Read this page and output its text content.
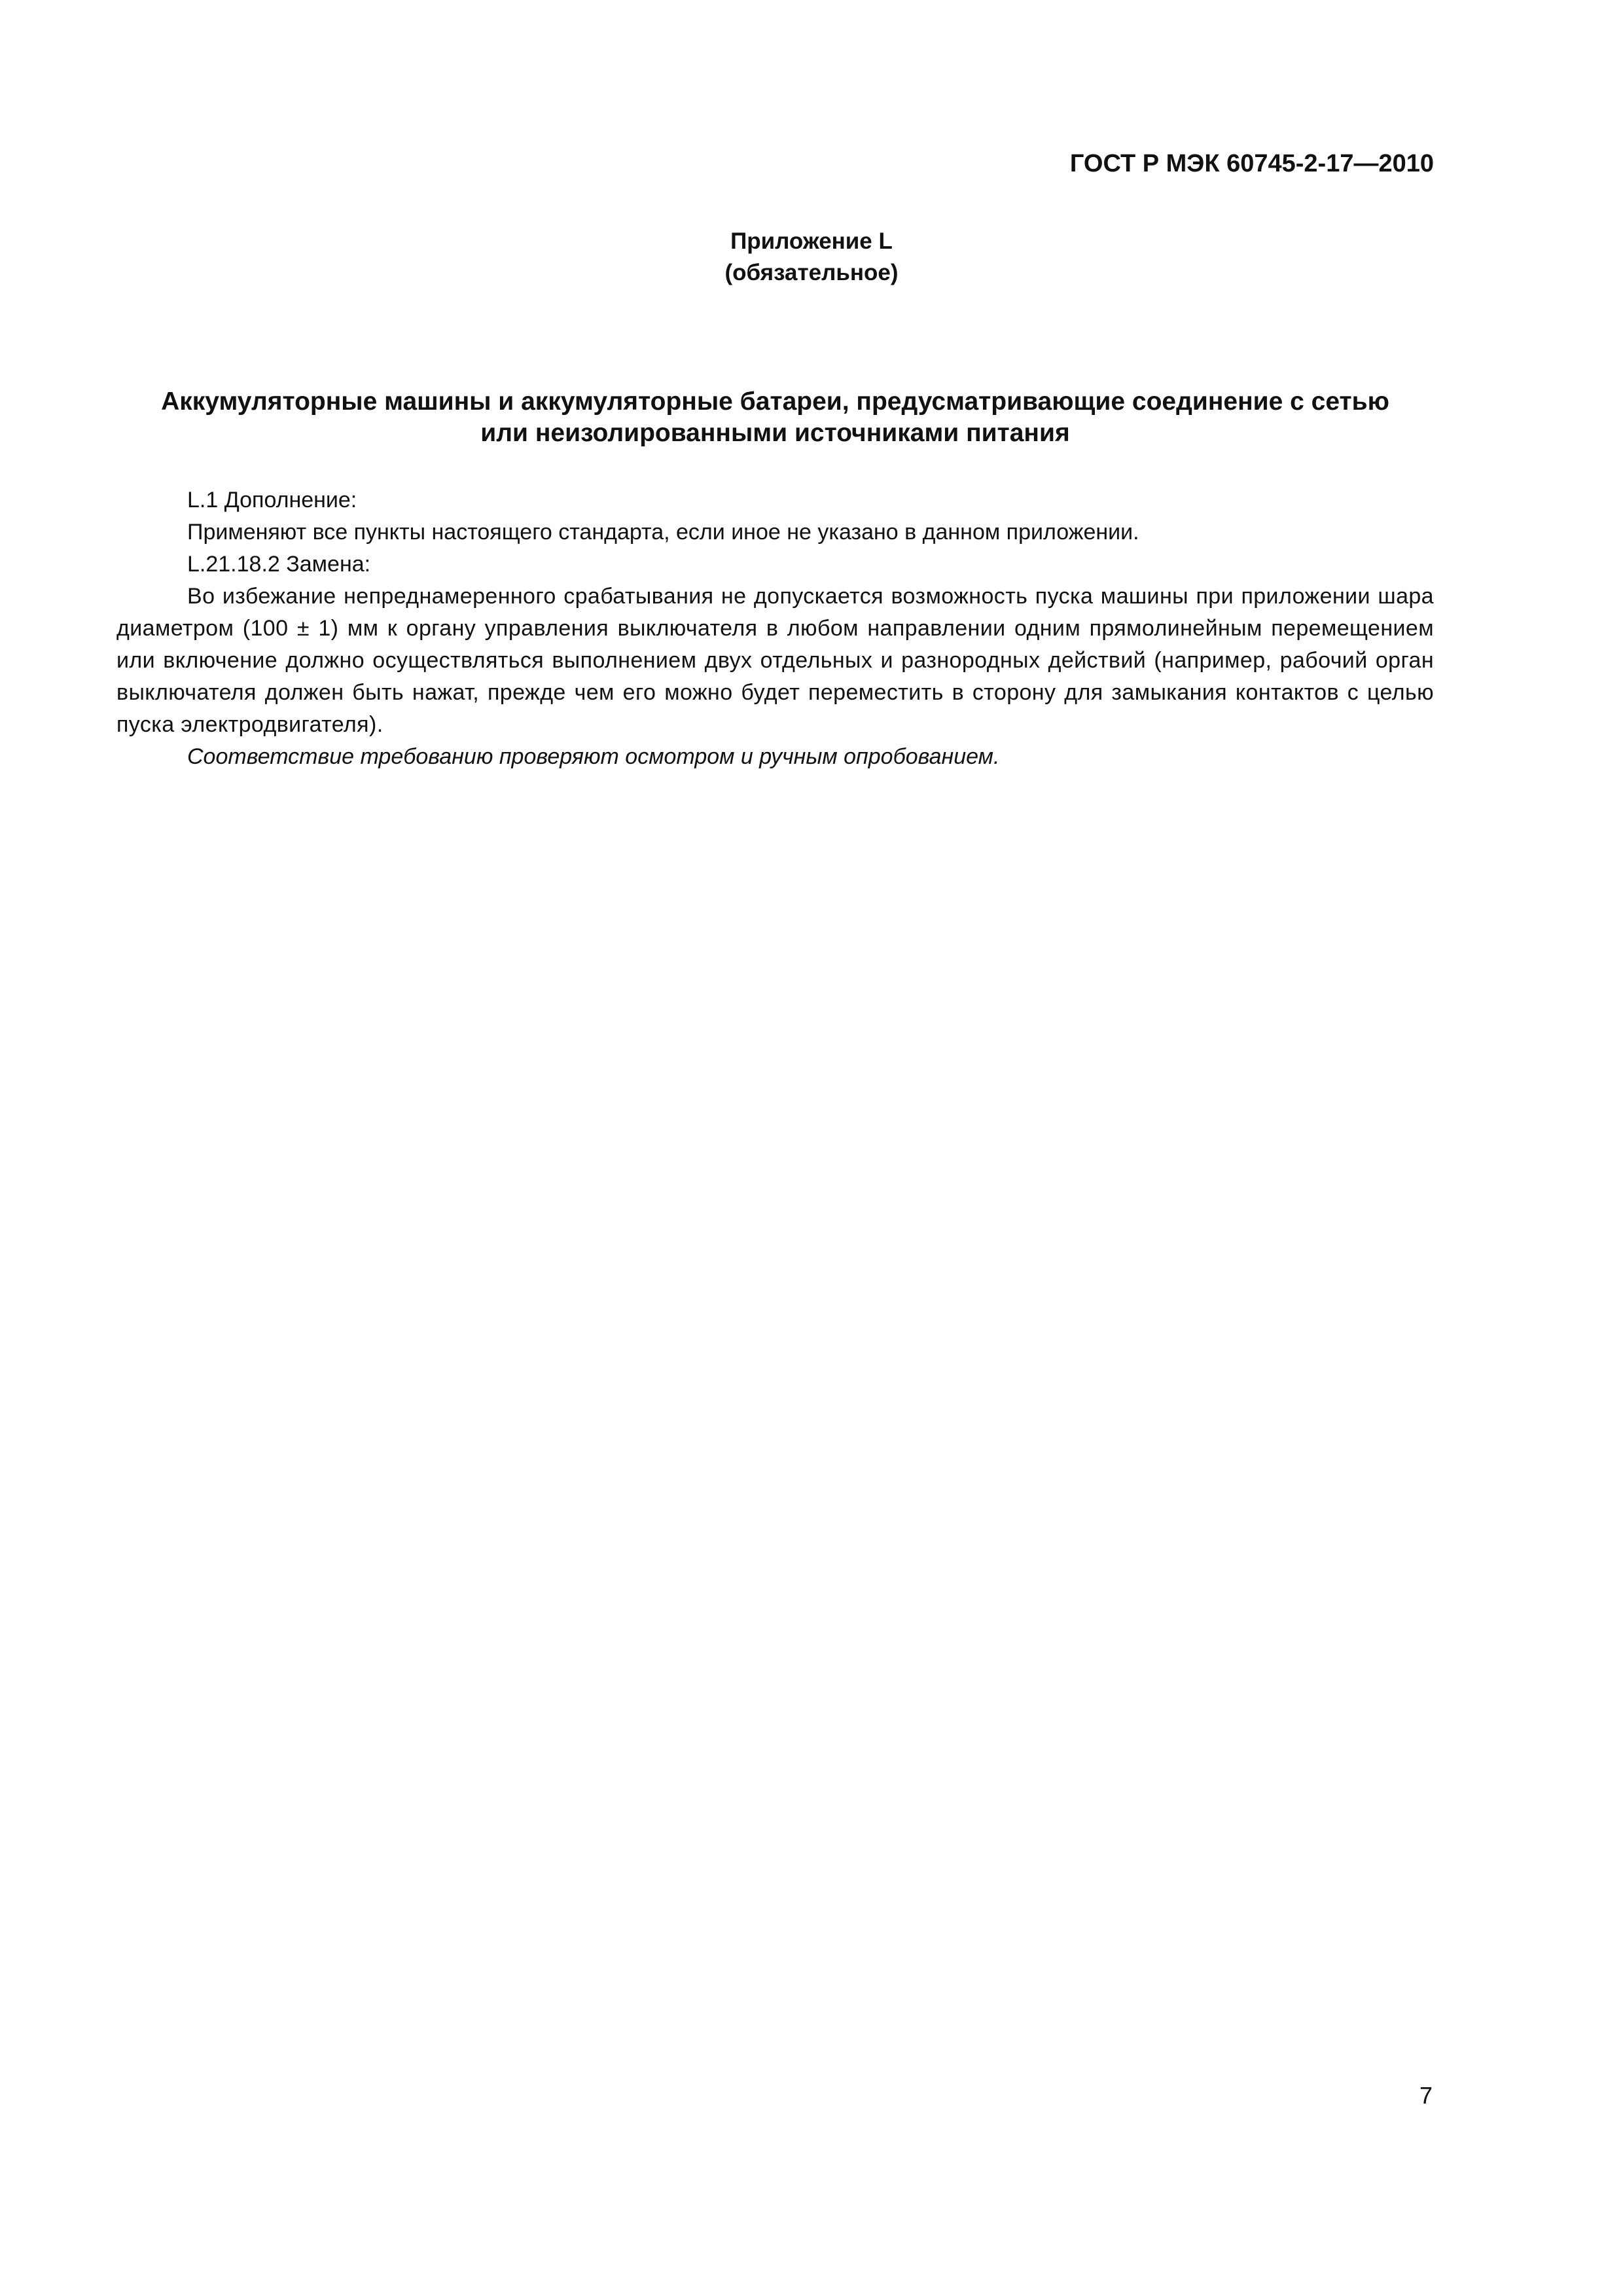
ГОСТ Р МЭК 60745-2-17—2010
Приложение L
(обязательное)
Аккумуляторные машины и аккумуляторные батареи, предусматривающие соединение с сетью
или неизолированными источниками питания

L.1 Дополнение:

Применяют все пункты настоящего стандарта, если иное не указано в данном приложении.

L.21.18.2 Замена:

Во избежание непреднамеренного срабатывания не допускается возможность пуска машины при приложении шара диаметром (100 ± 1) мм к органу управления выключателя в любом направлении одним прямолинейным перемещением или включение должно осуществляться выполнением двух отдельных и разнородных действий (например, рабочий орган выключателя должен быть нажат, прежде чем его можно будет переместить в сторону для замыкания контактов с целью пуска электродвигателя).

Соответствие требованию проверяют осмотром и ручным опробованием.

7
